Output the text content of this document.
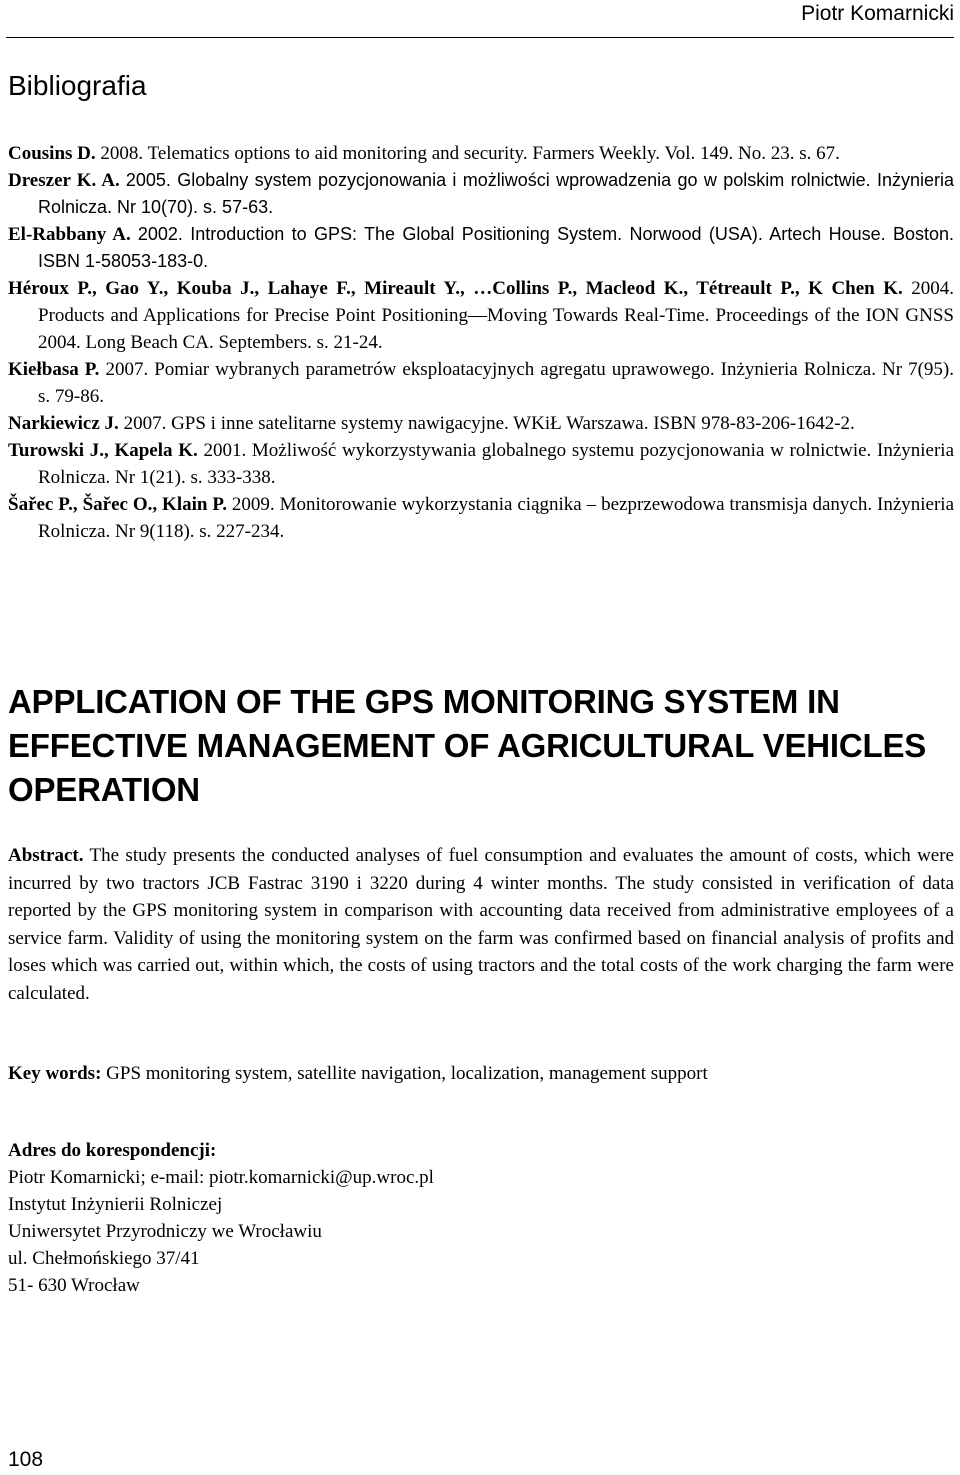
Piotr Komarnicki
Bibliografia

Cousins D. 2008. Telematics options to aid monitoring and security. Farmers Weekly. Vol. 149. No. 23. s. 67.

Dreszer K. A. 2005. Globalny system pozycjonowania i możliwości wprowadzenia go w polskim rolnictwie. Inżynieria Rolnicza. Nr 10(70). s. 57-63.

El-Rabbany A. 2002. Introduction to GPS: The Global Positioning System. Norwood (USA). Artech House. Boston. ISBN 1-58053-183-0.

Héroux P., Gao Y., Kouba J., Lahaye F., Mireault Y., …Collins P., Macleod K., Tétreault P., K Chen K. 2004. Products and Applications for Precise Point Positioning—Moving Towards Real-Time. Proceedings of the ION GNSS 2004. Long Beach CA. Septembers. s. 21-24.

Kiełbasa P. 2007. Pomiar wybranych parametrów eksploatacyjnych agregatu uprawowego. Inżynieria Rolnicza. Nr 7(95). s. 79-86.

Narkiewicz J. 2007. GPS i inne satelitarne systemy nawigacyjne. WKiŁ Warszawa. ISBN 978-83-206-1642-2.

Turowski J., Kapela K. 2001. Możliwość wykorzystywania globalnego systemu pozycjonowania w rolnictwie. Inżynieria Rolnicza. Nr 1(21). s. 333-338.

Šařec P., Šařec O., Klain P. 2009. Monitorowanie wykorzystania ciągnika – bezprzewodowa transmisja danych. Inżynieria Rolnicza. Nr 9(118). s. 227-234.

APPLICATION OF THE GPS MONITORING SYSTEM IN EFFECTIVE MANAGEMENT OF AGRICULTURAL VEHICLES OPERATION

Abstract. The study presents the conducted analyses of fuel consumption and evaluates the amount of costs, which were incurred by two tractors JCB Fastrac 3190 i 3220 during 4 winter months. The study consisted in verification of data reported by the GPS monitoring system in comparison with accounting data received from administrative employees of a service farm. Validity of using the monitoring system on the farm was confirmed based on financial analysis of profits and loses which was carried out, within which, the costs of using tractors and the total costs of the work charging the farm were calculated.

Key words: GPS monitoring system, satellite navigation, localization, management support

Adres do korespondencji:
Piotr Komarnicki; e-mail: piotr.komarnicki@up.wroc.pl
Instytut Inżynierii Rolniczej
Uniwersytet Przyrodniczy we Wrocławiu
ul. Chełmońskiego 37/41
51- 630 Wrocław
108
